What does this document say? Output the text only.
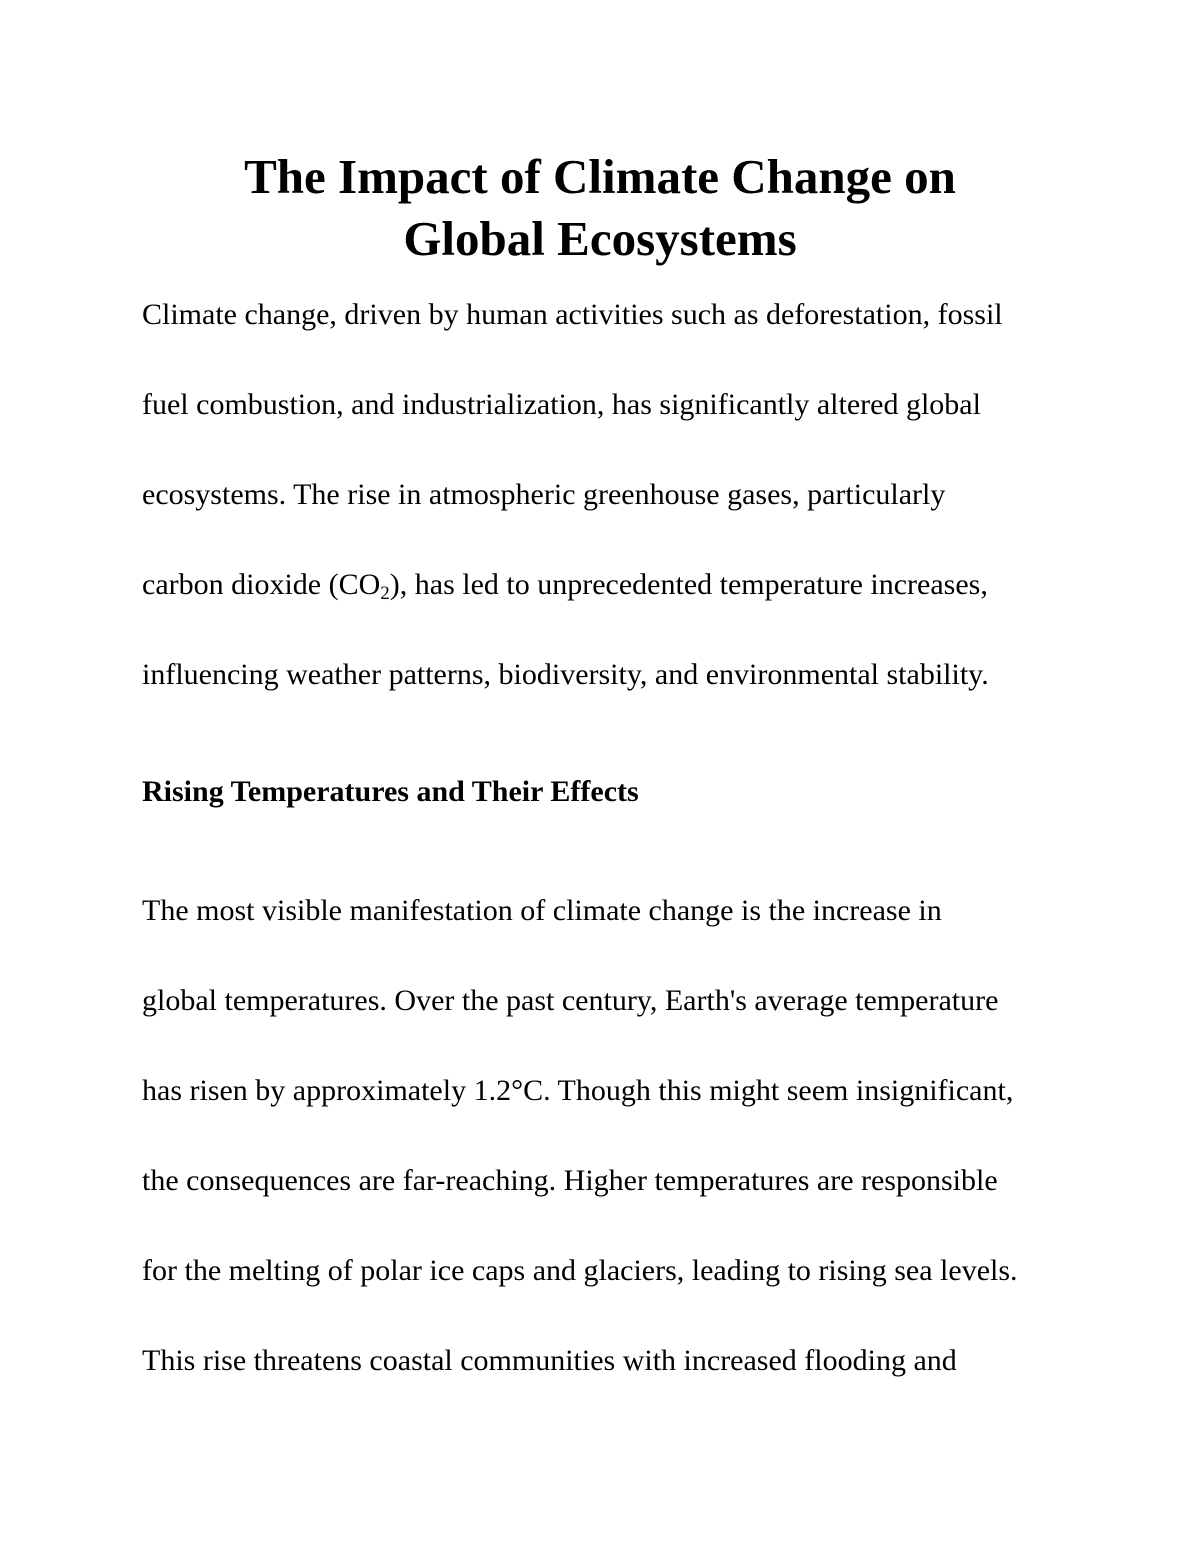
The Impact of Climate Change on
Global Ecosystems

Climate change, driven by human activities such as deforestation, fossil

fuel combustion, and industrialization, has significantly altered global

ecosystems. The rise in atmospheric greenhouse gases, particularly

carbon dioxide $(CO_2)$, has led to unprecedented temperature increases,

influencing weather patterns, biodiversity, and environmental stability.

Rising Temperatures and Their Effects

The most visible manifestation of climate change is the increase in

global temperatures. Over the past century, Earth's average temperature

has risen by approximately 1.2°C. Though this might seem insignificant,

the consequences are far-reaching. Higher temperatures are responsible

for the melting of polar ice caps and glaciers, leading to rising sea levels.

This rise threatens coastal communities with increased flooding and
